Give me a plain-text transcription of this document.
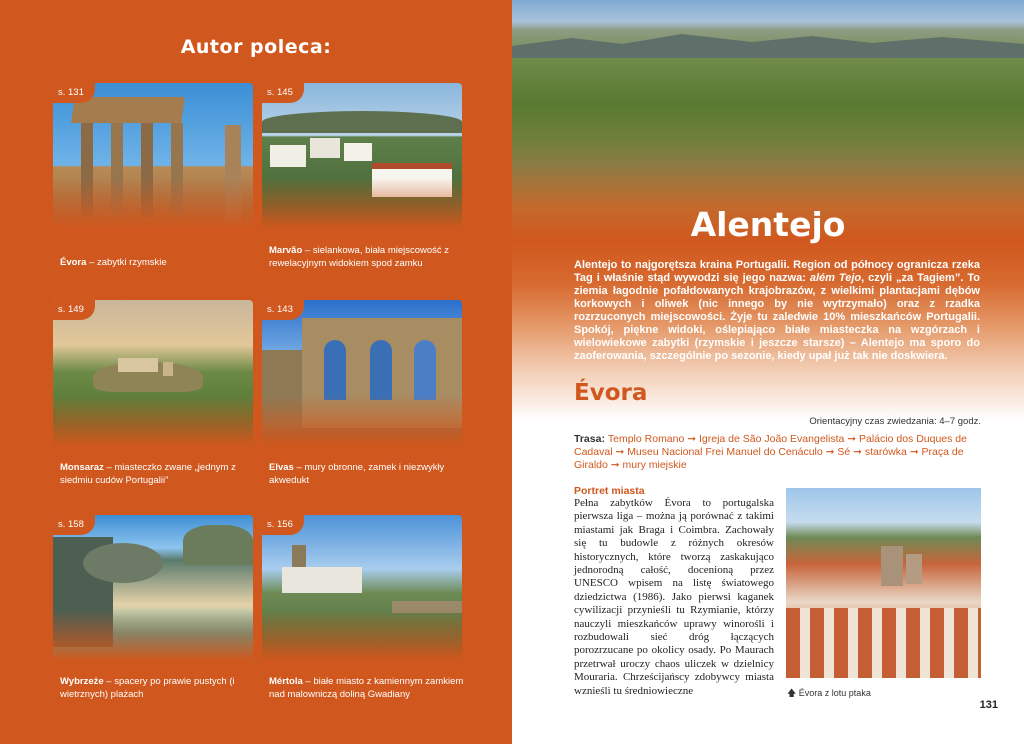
Autor poleca:
s. 131
Évora – zabytki rzymskie
s. 145
Marvão – sielankowa, biała miejscowość z rewelacyjnym widokiem spod zamku
s. 149
Monsaraz – miasteczko zwane „jednym z siedmiu cudów Portugalii”
s. 143
Elvas – mury obronne, zamek i niezwykły akwedukt
s. 158
Wybrzeże – spacery po prawie pustych (i wietrznych) plażach
s. 156
Mértola – białe miasto z kamiennym zamkiem nad malowniczą doliną Gwadiany
Alentejo
Alentejo to najgorętsza kraina Portugalii. Region od północy ogranicza rzeka Tag i właśnie stąd wywodzi się jego nazwa: além Tejo, czyli „za Tagiem”. To ziemia łagodnie pofałdowanych krajobrazów, z wielkimi plantacjami dębów korkowych i oliwek (nic innego by nie wytrzymało) oraz z rzadka rozrzuconych miejscowości. Żyje tu zaledwie 10% mieszkańców Portugalii. Spokój, piękne widoki, oślepiająco białe miasteczka na wzgórzach i wielowiekowe zabytki (rzymskie i jeszcze starsze) – Alentejo ma sporo do zaoferowania, szczególnie po sezonie, kiedy upał już tak nie doskwiera.
Évora
Orientacyjny czas zwiedzania: 4–7 godz.
Trasa: Templo Romano ➞ Igreja de São João Evangelista ➞ Palácio dos Duques de Cadaval ➞ Museu Nacional Frei Manuel do Cenáculo ➞ Sé ➞ starówka ➞ Praça de Giraldo ➞ mury miejskie
Portret miasta
Pełna zabytków Évora to portugalska pierwsza liga – można ją porównać z takimi miastami jak Braga i Coimbra. Zachowały się tu budowle z różnych okresów historycznych, które tworzą zaskakująco jednorodną całość, docenioną przez UNESCO wpisem na listę światowego dziedzictwa (1986). Jako pierwsi kaganek cywilizacji przynieśli tu Rzymianie, którzy nauczyli mieszkańców uprawy winorośli i rozbudowali sieć dróg łączących porozrzucane po okolicy osady. Po Maurach przetrwał uroczy chaos uliczek w dzielnicy Mouraria. Chrześcijańscy zdobywcy miasta wznieśli tu średniowieczne	🡅 Évora z lotu ptaka
131
